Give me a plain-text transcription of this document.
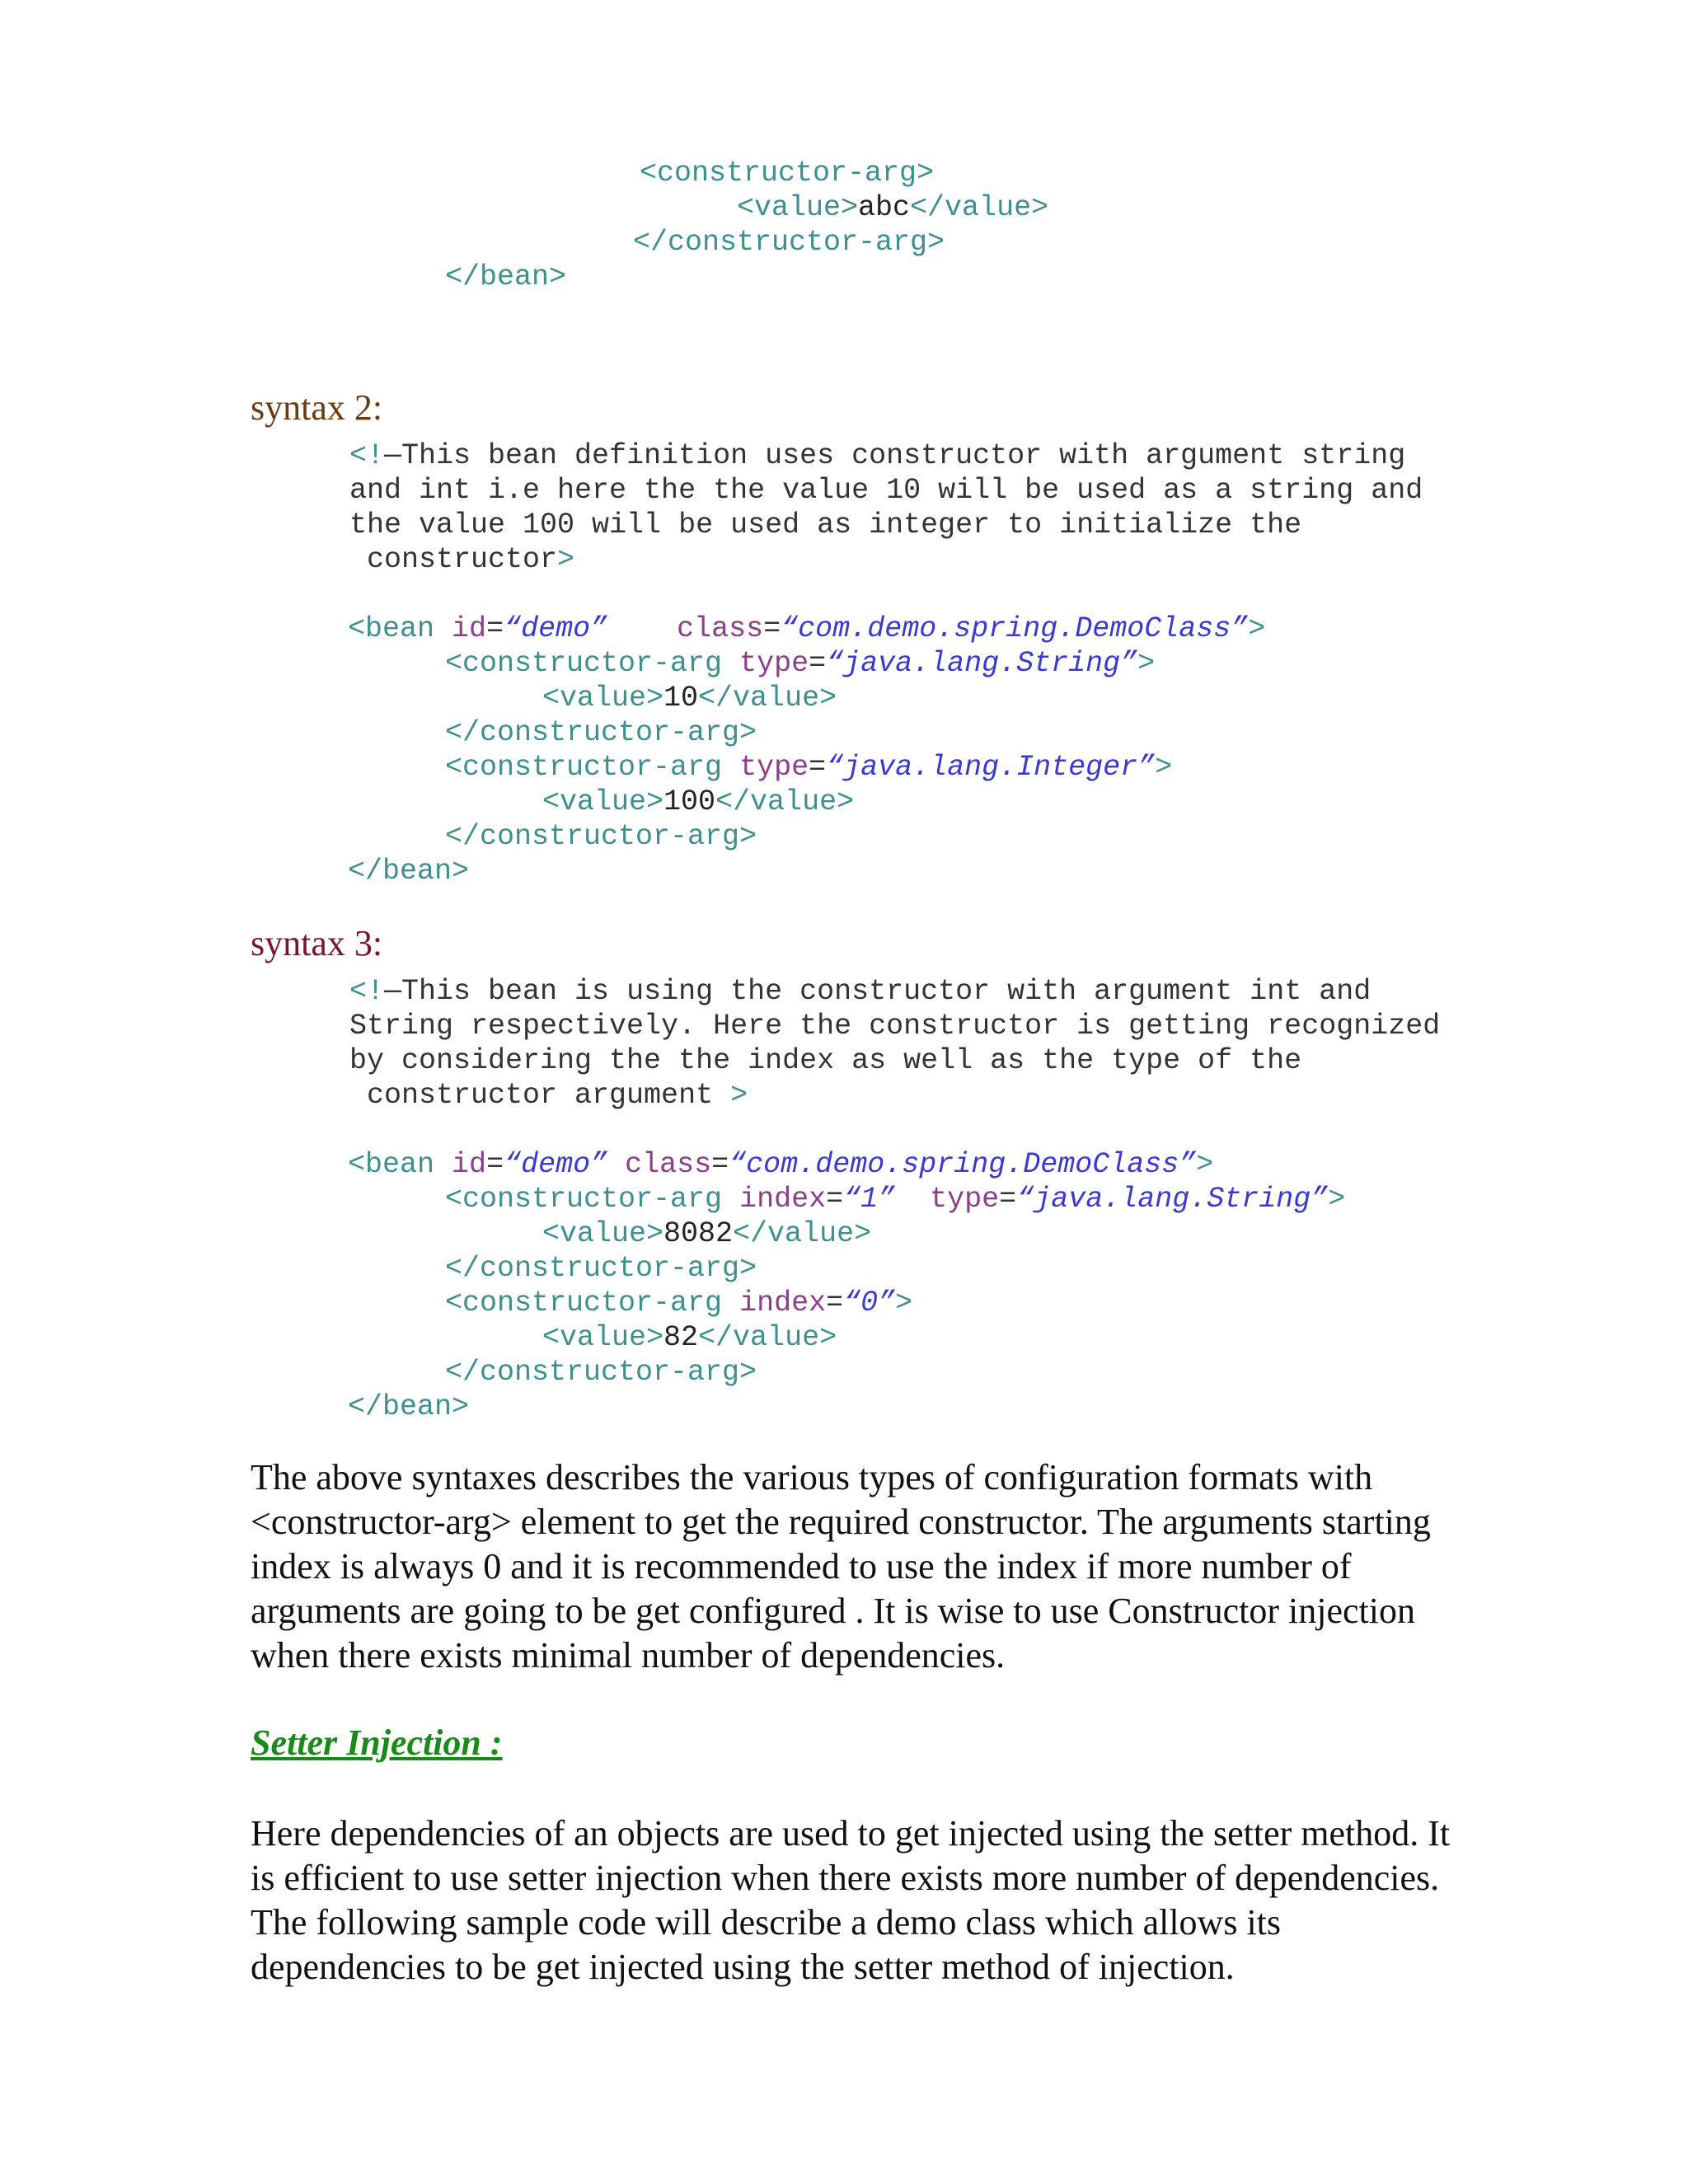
<constructor-arg>
<value>abc</value>
</constructor-arg>
</bean>
syntax 2:
<!—This bean definition uses constructor with argument string
and int i.e here the the value 10 will be used as a string and
the value 100 will be used as integer to initialize the
constructor>
<bean id=“demo” class=“com.demo.spring.DemoClass”>
<constructor-arg type=“java.lang.String”>
<value>10</value>
</constructor-arg>
<constructor-arg type=“java.lang.Integer”>
<value>100</value>
</constructor-arg>
</bean>
syntax 3:
<!—This bean is using the constructor with argument int and
String respectively. Here the constructor is getting recognized
by considering the the index as well as the type of the
constructor argument >
<bean id=“demo” class=“com.demo.spring.DemoClass”>
<constructor-arg index=“1” type=“java.lang.String”>
<value>8082</value>
</constructor-arg>
<constructor-arg index=“0”>
<value>82</value>
</constructor-arg>
</bean>
The above syntaxes describes the various types of configuration formats with
<constructor-arg> element to get the required constructor. The arguments starting
index is always 0 and it is recommended to use the index if more number of
arguments are going to be get configured . It is wise to use Constructor injection
when there exists minimal number of dependencies.
Setter Injection :
Here dependencies of an objects are used to get injected using the setter method. It
is efficient to use setter injection when there exists more number of dependencies.
The following sample code will describe a demo class which allows its
dependencies to be get injected using the setter method of injection.
